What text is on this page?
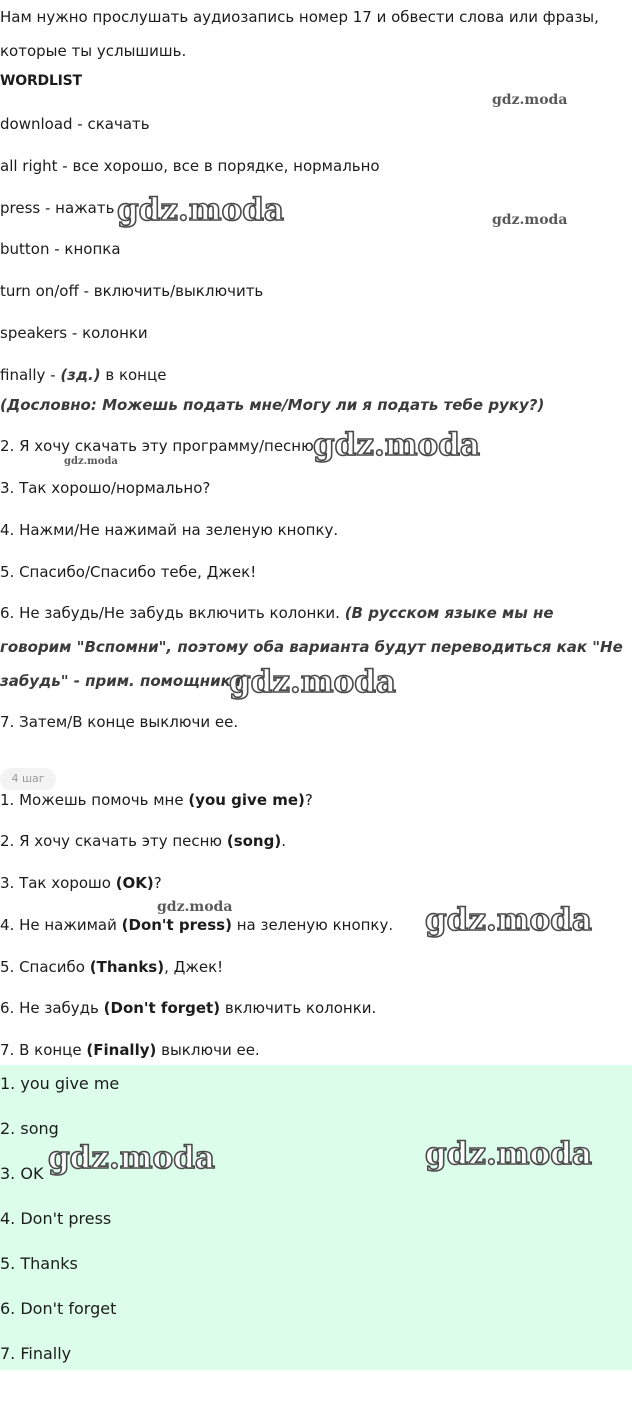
Нам нужно прослушать аудиозапись номер 17 и обвести слова или фразы, которые ты услышишь.
WORDLIST
download - скачать
all right - все хорошо, все в порядке, нормально
press - нажать
button - кнопка
turn on/off - включить/выключить
speakers - колонки
finally - (зд.) в конце
(Дословно: Можешь подать мне/Могу ли я подать тебе руку?)
2. Я хочу скачать эту программу/песню.
3. Так хорошо/нормально?
4. Нажми/Не нажимай на зеленую кнопку.
5. Спасибо/Спасибо тебе, Джек!
6. Не забудь/Не забудь включить колонки. (В русском языке мы не говорим "Вспомни", поэтому оба варианта будут переводиться как "Не забудь" - прим. помощника)
7. Затем/В конце выключи ее.
4 шаг
1. Можешь помочь мне (you give me)?
2. Я хочу скачать эту песню (song).
3. Так хорошо (OK)?
4. Не нажимай (Don't press) на зеленую кнопку.
5. Спасибо (Thanks), Джек!
6. Не забудь (Don't forget) включить колонки.
7. В конце (Finally) выключи ее.
1. you give me
2. song
3. OK
4. Don't press
5. Thanks
6. Don't forget
7. Finally
gdz.moda
gdz.moda	gdz.moda
gdz.moda
gdz.moda
gdz.moda
gdz.moda	gdz.moda
gdz.moda	gdz.moda
